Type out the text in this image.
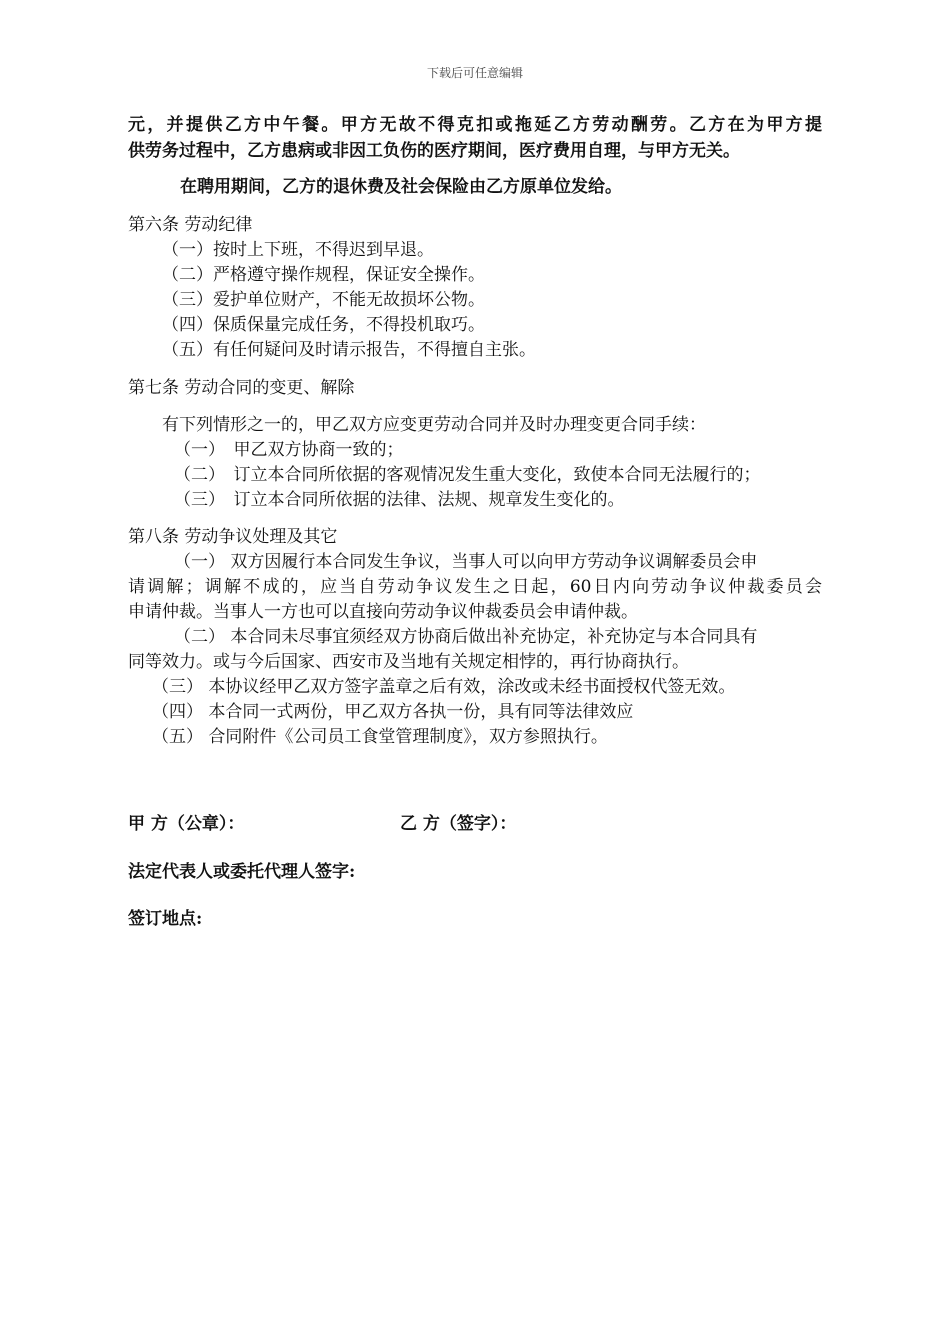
下载后可任意编辑
元，并提供乙方中午餐。甲方无故不得克扣或拖延乙方劳动酬劳。乙方在为甲方提
供劳务过程中，乙方患病或非因工负伤的医疗期间，医疗费用自理，与甲方无关。
在聘用期间，乙方的退休费及社会保险由乙方原单位发给。
第六条 劳动纪律
（一）按时上下班，不得迟到早退。
（二）严格遵守操作规程，保证安全操作。
（三）爱护单位财产，不能无故损坏公物。
（四）保质保量完成任务，不得投机取巧。
（五）有任何疑问及时请示报告，不得擅自主张。
第七条 劳动合同的变更、解除
有下列情形之一的，甲乙双方应变更劳动合同并及时办理变更合同手续：
（一）　甲乙双方协商一致的；
（二）　订立本合同所依据的客观情况发生重大变化，致使本合同无法履行的；
（三）　订立本合同所依据的法律、法规、规章发生变化的。
第八条 劳动争议处理及其它
（一） 双方因履行本合同发生争议，当事人可以向甲方劳动争议调解委员会申
请调解；调解不成的，应当自劳动争议发生之日起，60日内向劳动争议仲裁委员会
申请仲裁。当事人一方也可以直接向劳动争议仲裁委员会申请仲裁。
（二） 本合同未尽事宜须经双方协商后做出补充协定，补充协定与本合同具有
同等效力。或与今后国家、西安市及当地有关规定相悖的，再行协商执行。
（三） 本协议经甲乙双方签字盖章之后有效，涂改或未经书面授权代签无效。
（四） 本合同一式两份，甲乙双方各执一份，具有同等法律效应
（五） 合同附件《公司员工食堂管理制度》，双方参照执行。
甲 方（公章）：	乙 方（签字）：
法定代表人或委托代理人签字:
签订地点:
